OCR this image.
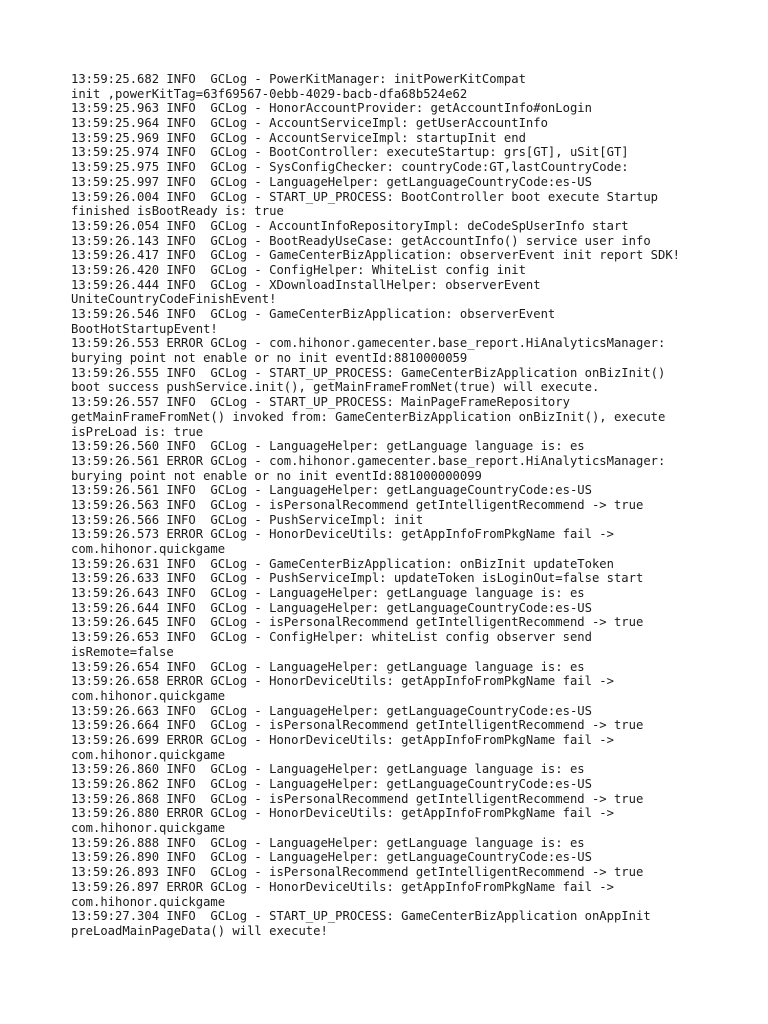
13:59:25.682 INFO  GCLog - PowerKitManager: initPowerKitCompat
init ,powerKitTag=63f69567-0ebb-4029-bacb-dfa68b524e62
13:59:25.963 INFO  GCLog - HonorAccountProvider: getAccountInfo#onLogin
13:59:25.964 INFO  GCLog - AccountServiceImpl: getUserAccountInfo
13:59:25.969 INFO  GCLog - AccountServiceImpl: startupInit end
13:59:25.974 INFO  GCLog - BootController: executeStartup: grs[GT], uSit[GT]
13:59:25.975 INFO  GCLog - SysConfigChecker: countryCode:GT,lastCountryCode:
13:59:25.997 INFO  GCLog - LanguageHelper: getLanguageCountryCode:es-US
13:59:26.004 INFO  GCLog - START_UP_PROCESS: BootController boot execute Startup
finished isBootReady is: true
13:59:26.054 INFO  GCLog - AccountInfoRepositoryImpl: deCodeSpUserInfo start
13:59:26.143 INFO  GCLog - BootReadyUseCase: getAccountInfo() service user info
13:59:26.417 INFO  GCLog - GameCenterBizApplication: observerEvent init report SDK!
13:59:26.420 INFO  GCLog - ConfigHelper: WhiteList config init
13:59:26.444 INFO  GCLog - XDownloadInstallHelper: observerEvent
UniteCountryCodeFinishEvent!
13:59:26.546 INFO  GCLog - GameCenterBizApplication: observerEvent
BootHotStartupEvent!
13:59:26.553 ERROR GCLog - com.hihonor.gamecenter.base_report.HiAnalyticsManager:
burying point not enable or no init eventId:8810000059
13:59:26.555 INFO  GCLog - START_UP_PROCESS: GameCenterBizApplication onBizInit()
boot success pushService.init(), getMainFrameFromNet(true) will execute.
13:59:26.557 INFO  GCLog - START_UP_PROCESS: MainPageFrameRepository
getMainFrameFromNet() invoked from: GameCenterBizApplication onBizInit(), execute
isPreLoad is: true
13:59:26.560 INFO  GCLog - LanguageHelper: getLanguage language is: es
13:59:26.561 ERROR GCLog - com.hihonor.gamecenter.base_report.HiAnalyticsManager:
burying point not enable or no init eventId:881000000099
13:59:26.561 INFO  GCLog - LanguageHelper: getLanguageCountryCode:es-US
13:59:26.563 INFO  GCLog - isPersonalRecommend getIntelligentRecommend -> true
13:59:26.566 INFO  GCLog - PushServiceImpl: init
13:59:26.573 ERROR GCLog - HonorDeviceUtils: getAppInfoFromPkgName fail ->
com.hihonor.quickgame
13:59:26.631 INFO  GCLog - GameCenterBizApplication: onBizInit updateToken
13:59:26.633 INFO  GCLog - PushServiceImpl: updateToken isLoginOut=false start
13:59:26.643 INFO  GCLog - LanguageHelper: getLanguage language is: es
13:59:26.644 INFO  GCLog - LanguageHelper: getLanguageCountryCode:es-US
13:59:26.645 INFO  GCLog - isPersonalRecommend getIntelligentRecommend -> true
13:59:26.653 INFO  GCLog - ConfigHelper: whiteList config observer send
isRemote=false
13:59:26.654 INFO  GCLog - LanguageHelper: getLanguage language is: es
13:59:26.658 ERROR GCLog - HonorDeviceUtils: getAppInfoFromPkgName fail ->
com.hihonor.quickgame
13:59:26.663 INFO  GCLog - LanguageHelper: getLanguageCountryCode:es-US
13:59:26.664 INFO  GCLog - isPersonalRecommend getIntelligentRecommend -> true
13:59:26.699 ERROR GCLog - HonorDeviceUtils: getAppInfoFromPkgName fail ->
com.hihonor.quickgame
13:59:26.860 INFO  GCLog - LanguageHelper: getLanguage language is: es
13:59:26.862 INFO  GCLog - LanguageHelper: getLanguageCountryCode:es-US
13:59:26.868 INFO  GCLog - isPersonalRecommend getIntelligentRecommend -> true
13:59:26.880 ERROR GCLog - HonorDeviceUtils: getAppInfoFromPkgName fail ->
com.hihonor.quickgame
13:59:26.888 INFO  GCLog - LanguageHelper: getLanguage language is: es
13:59:26.890 INFO  GCLog - LanguageHelper: getLanguageCountryCode:es-US
13:59:26.893 INFO  GCLog - isPersonalRecommend getIntelligentRecommend -> true
13:59:26.897 ERROR GCLog - HonorDeviceUtils: getAppInfoFromPkgName fail ->
com.hihonor.quickgame
13:59:27.304 INFO  GCLog - START_UP_PROCESS: GameCenterBizApplication onAppInit
preLoadMainPageData() will execute!
